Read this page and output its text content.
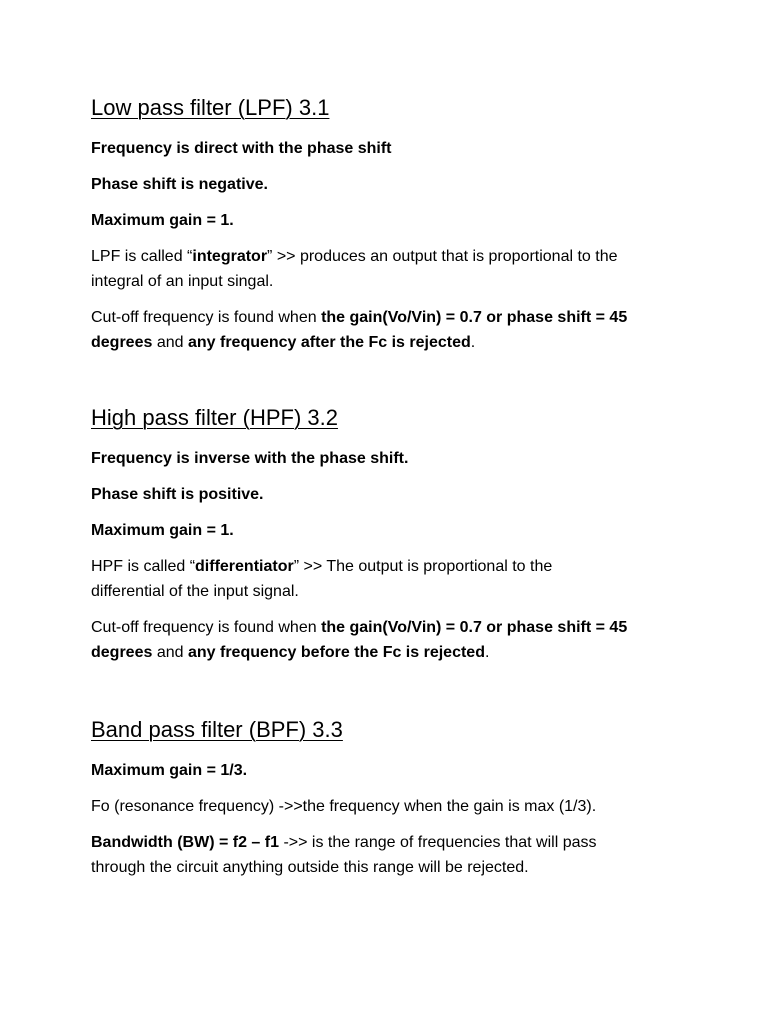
Low pass filter (LPF) 3.1

Frequency is direct with the phase shift

Phase shift is negative.

Maximum gain = 1.

LPF is called “integrator” >> produces an output that is proportional to the
integral of an input singal.

Cut-off frequency is found when the gain(Vo/Vin) = 0.7 or phase shift = 45
degrees and any frequency after the Fc is rejected.

High pass filter (HPF) 3.2

Frequency is inverse with the phase shift.

Phase shift is positive.

Maximum gain = 1.

HPF is called “differentiator” >> The output is proportional to the
differential of the input signal.

Cut-off frequency is found when the gain(Vo/Vin) = 0.7 or phase shift = 45
degrees and any frequency before the Fc is rejected.

Band pass filter (BPF) 3.3

Maximum gain = 1/3.

Fo (resonance frequency) ->>the frequency when the gain is max (1/3).

Bandwidth (BW) = f2 – f1 ->> is the range of frequencies that will pass
through the circuit anything outside this range will be rejected.
